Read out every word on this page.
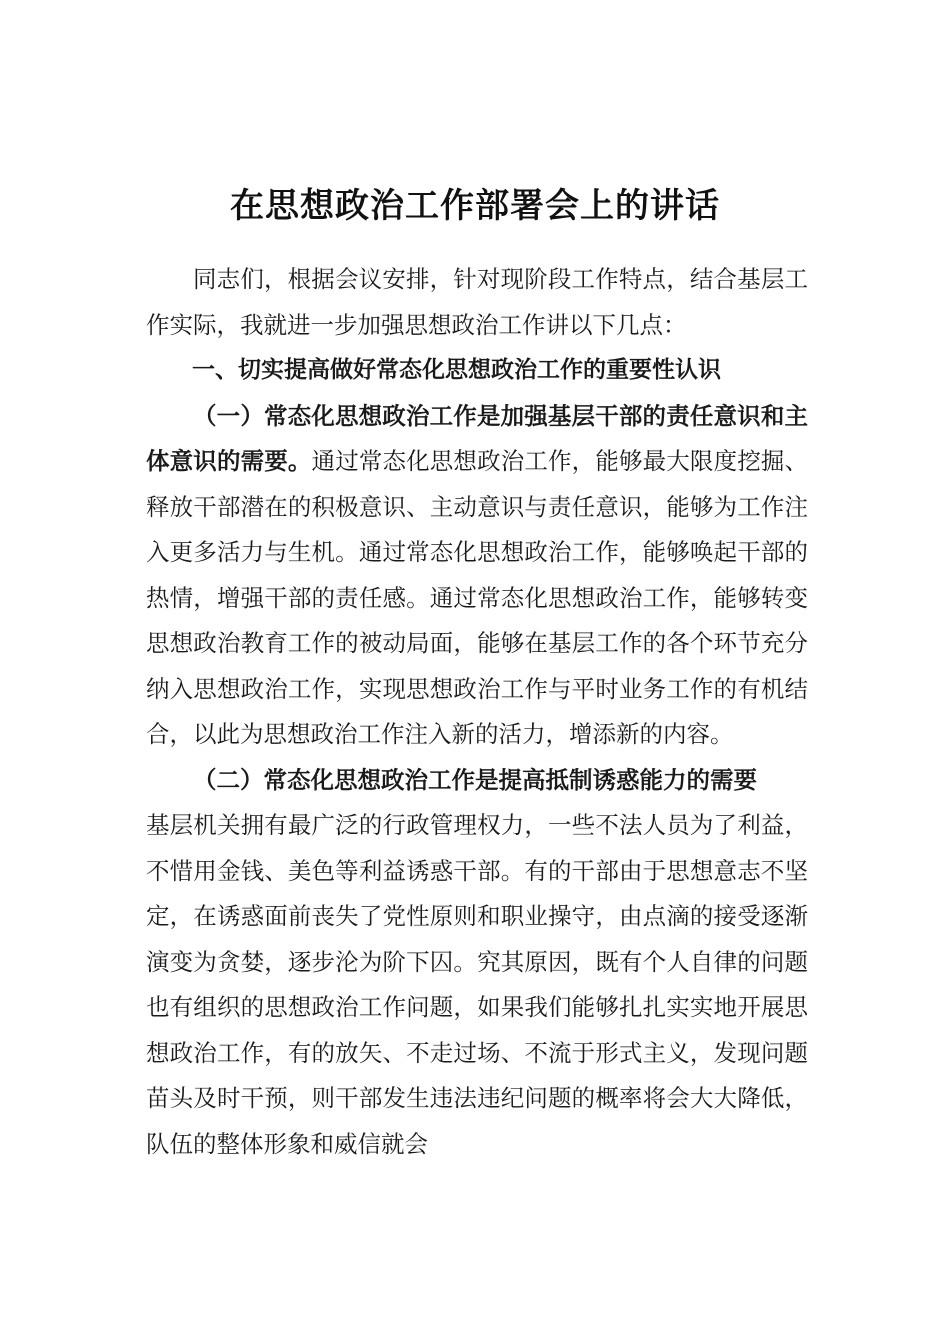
在思想政治工作部署会上的讲话

同志们，根据会议安排，针对现阶段工作特点，结合基层工作实际，我就进一步加强思想政治工作讲以下几点：

一、切实提高做好常态化思想政治工作的重要性认识

（一）常态化思想政治工作是加强基层干部的责任意识和主体意识的需要。通过常态化思想政治工作，能够最大限度挖掘、释放干部潜在的积极意识、主动意识与责任意识，能够为工作注入更多活力与生机。通过常态化思想政治工作，能够唤起干部的热情，增强干部的责任感。通过常态化思想政治工作，能够转变思想政治教育工作的被动局面，能够在基层工作的各个环节充分纳入思想政治工作，实现思想政治工作与平时业务工作的有机结合，以此为思想政治工作注入新的活力，增添新的内容。

（二）常态化思想政治工作是提高抵制诱惑能力的需要

基层机关拥有最广泛的行政管理权力，一些不法人员为了利益，不惜用金钱、美色等利益诱惑干部。有的干部由于思想意志不坚定，在诱惑面前丧失了党性原则和职业操守，由点滴的接受逐渐演变为贪婪，逐步沦为阶下囚。究其原因，既有个人自律的问题也有组织的思想政治工作问题，如果我们能够扎扎实实地开展思想政治工作，有的放矢、不走过场、不流于形式主义，发现问题苗头及时干预，则干部发生违法违纪问题的概率将会大大降低，队伍的整体形象和威信就会
